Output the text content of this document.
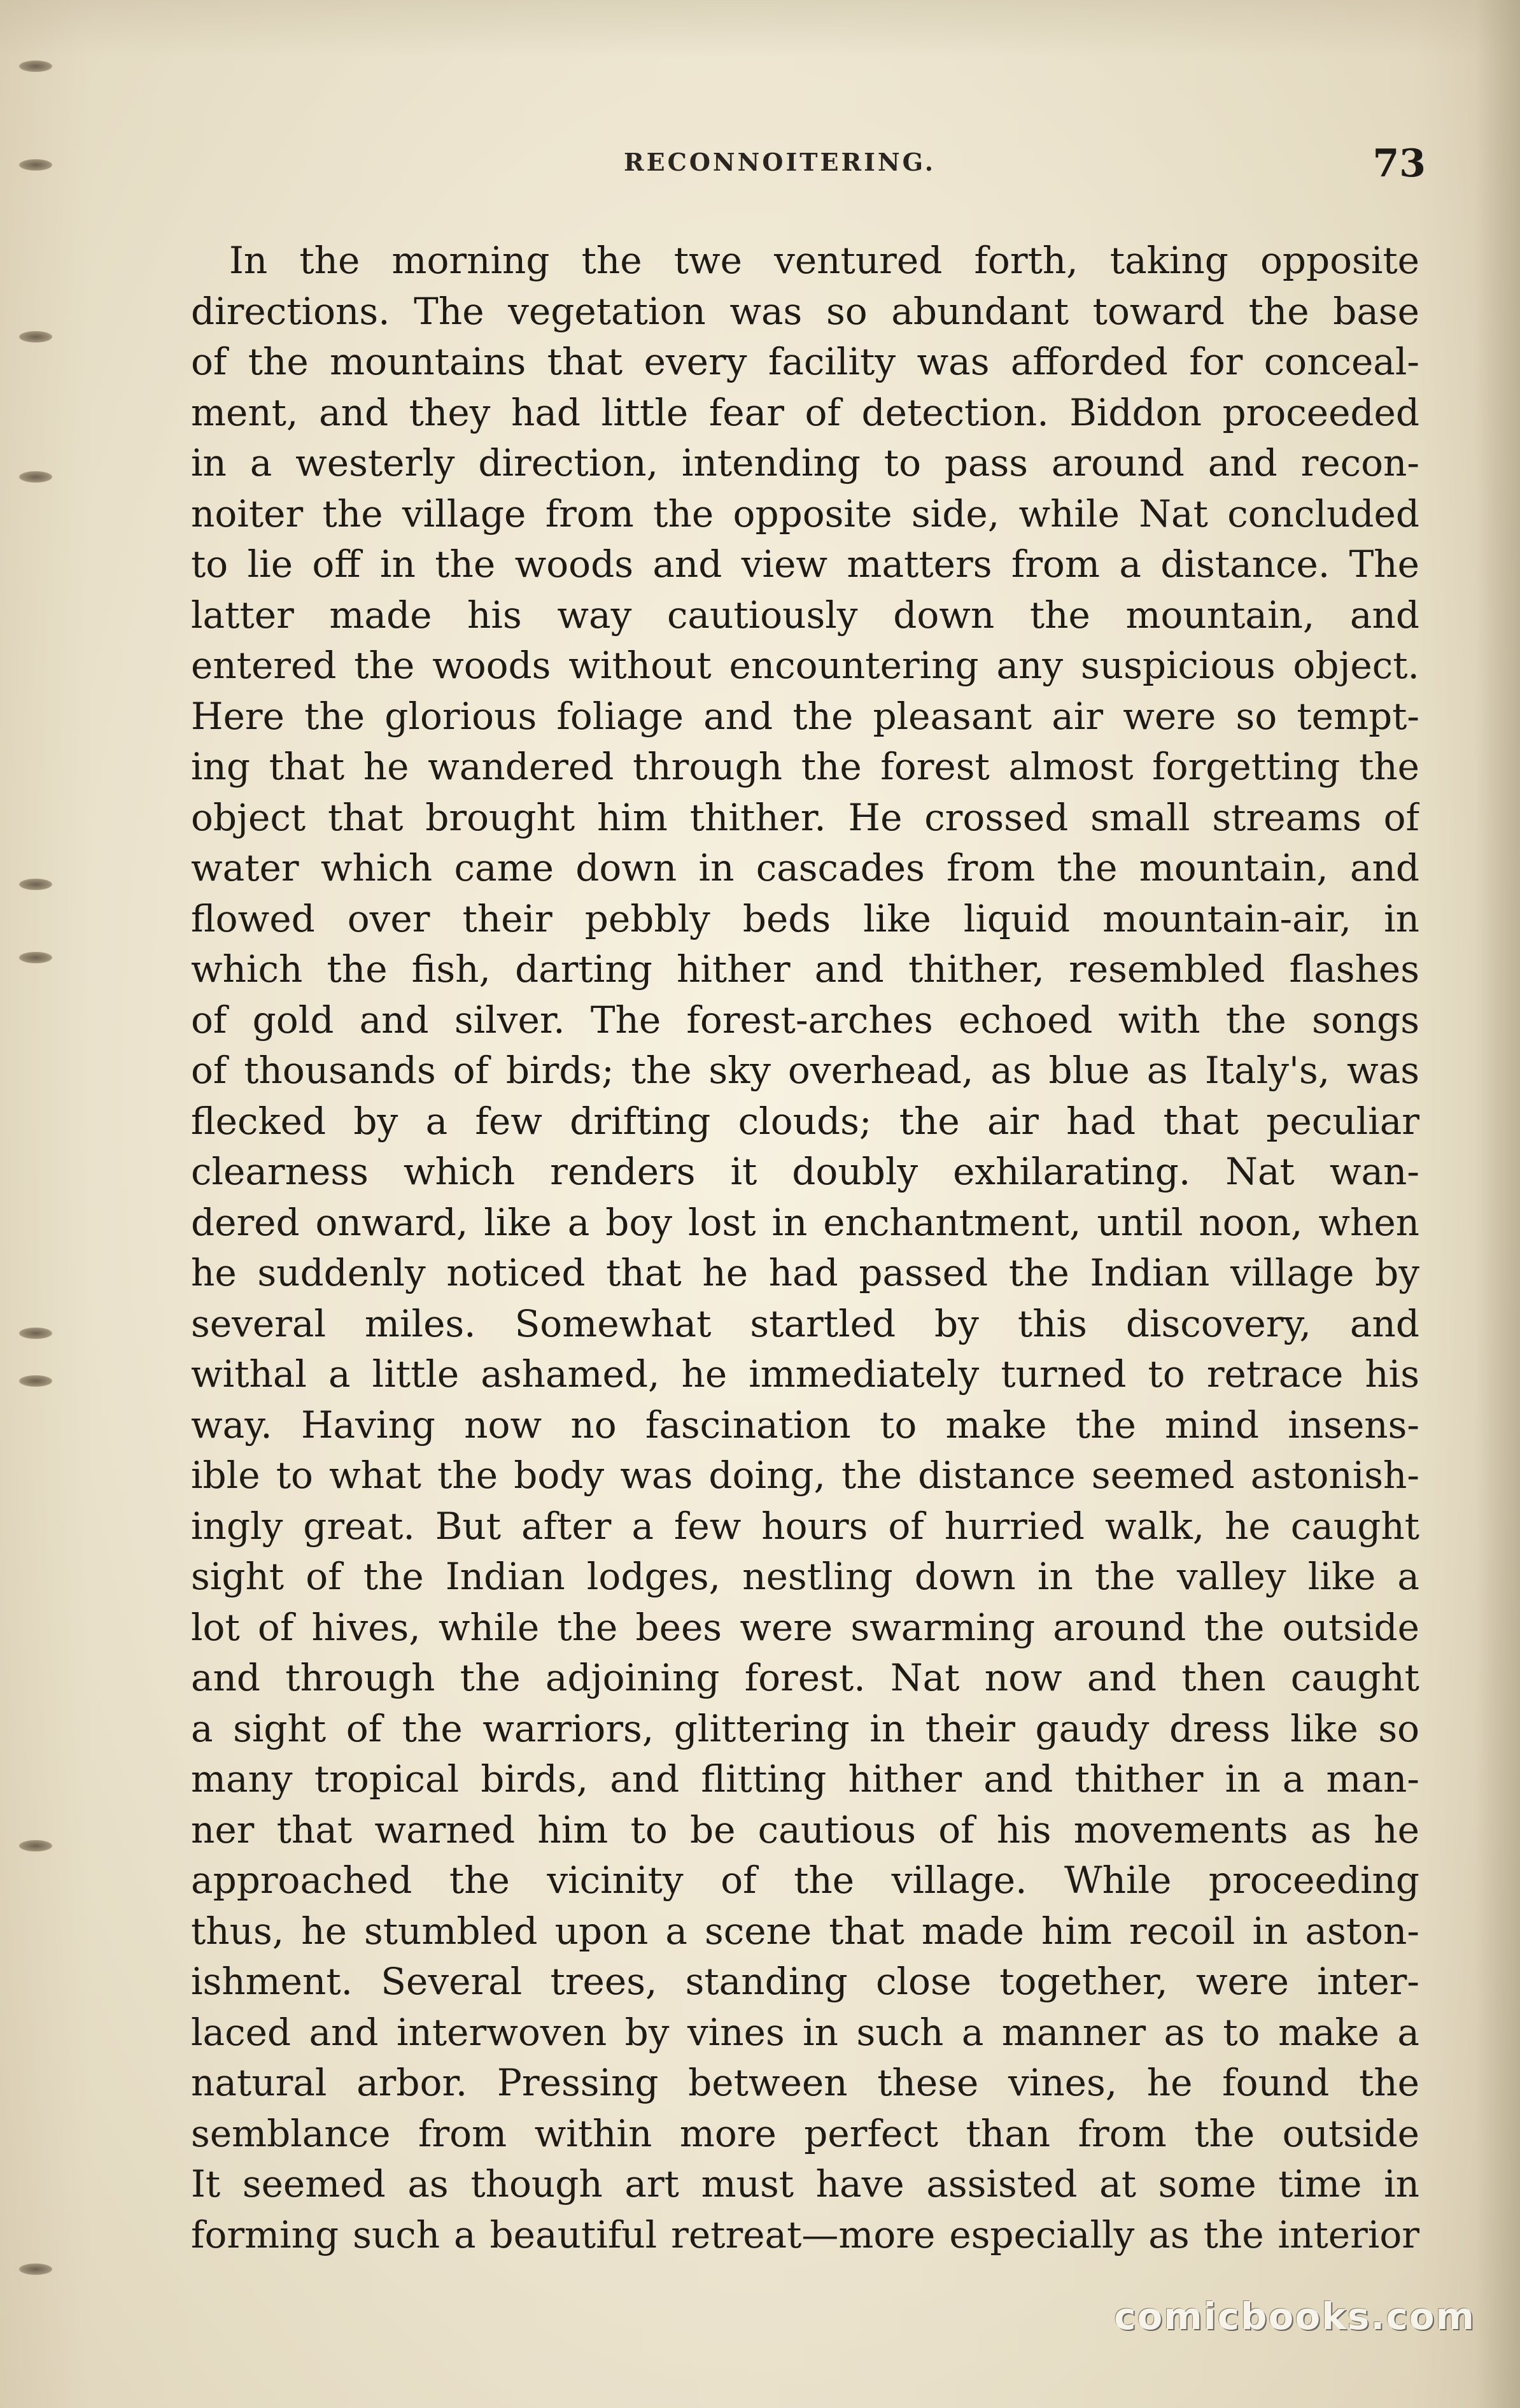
RECONNOITERING.	73
In the morning the twe ventured forth, taking opposite
directions. The vegetation was so abundant toward the base
of the mountains that every facility was afforded for conceal-
ment, and they had little fear of detection. Biddon proceeded
in a westerly direction, intending to pass around and recon-
noiter the village from the opposite side, while Nat concluded
to lie off in the woods and view matters from a distance. The
latter made his way cautiously down the mountain, and
entered the woods without encountering any suspicious object.
Here the glorious foliage and the pleasant air were so tempt-
ing that he wandered through the forest almost forgetting the
object that brought him thither. He crossed small streams of
water which came down in cascades from the mountain, and
flowed over their pebbly beds like liquid mountain-air, in
which the fish, darting hither and thither, resembled flashes
of gold and silver. The forest-arches echoed with the songs
of thousands of birds; the sky overhead, as blue as Italy's, was
flecked by a few drifting clouds; the air had that peculiar
clearness which renders it doubly exhilarating. Nat wan-
dered onward, like a boy lost in enchantment, until noon, when
he suddenly noticed that he had passed the Indian village by
several miles. Somewhat startled by this discovery, and
withal a little ashamed, he immediately turned to retrace his
way. Having now no fascination to make the mind insens-
ible to what the body was doing, the distance seemed astonish-
ingly great. But after a few hours of hurried walk, he caught
sight of the Indian lodges, nestling down in the valley like a
lot of hives, while the bees were swarming around the outside
and through the adjoining forest. Nat now and then caught
a sight of the warriors, glittering in their gaudy dress like so
many tropical birds, and flitting hither and thither in a man-
ner that warned him to be cautious of his movements as he
approached the vicinity of the village. While proceeding
thus, he stumbled upon a scene that made him recoil in aston-
ishment. Several trees, standing close together, were inter-
laced and interwoven by vines in such a manner as to make a
natural arbor. Pressing between these vines, he found the
semblance from within more perfect than from the outside
It seemed as though art must have assisted at some time in
forming such a beautiful retreat—more especially as the interior
comicbooks.com
